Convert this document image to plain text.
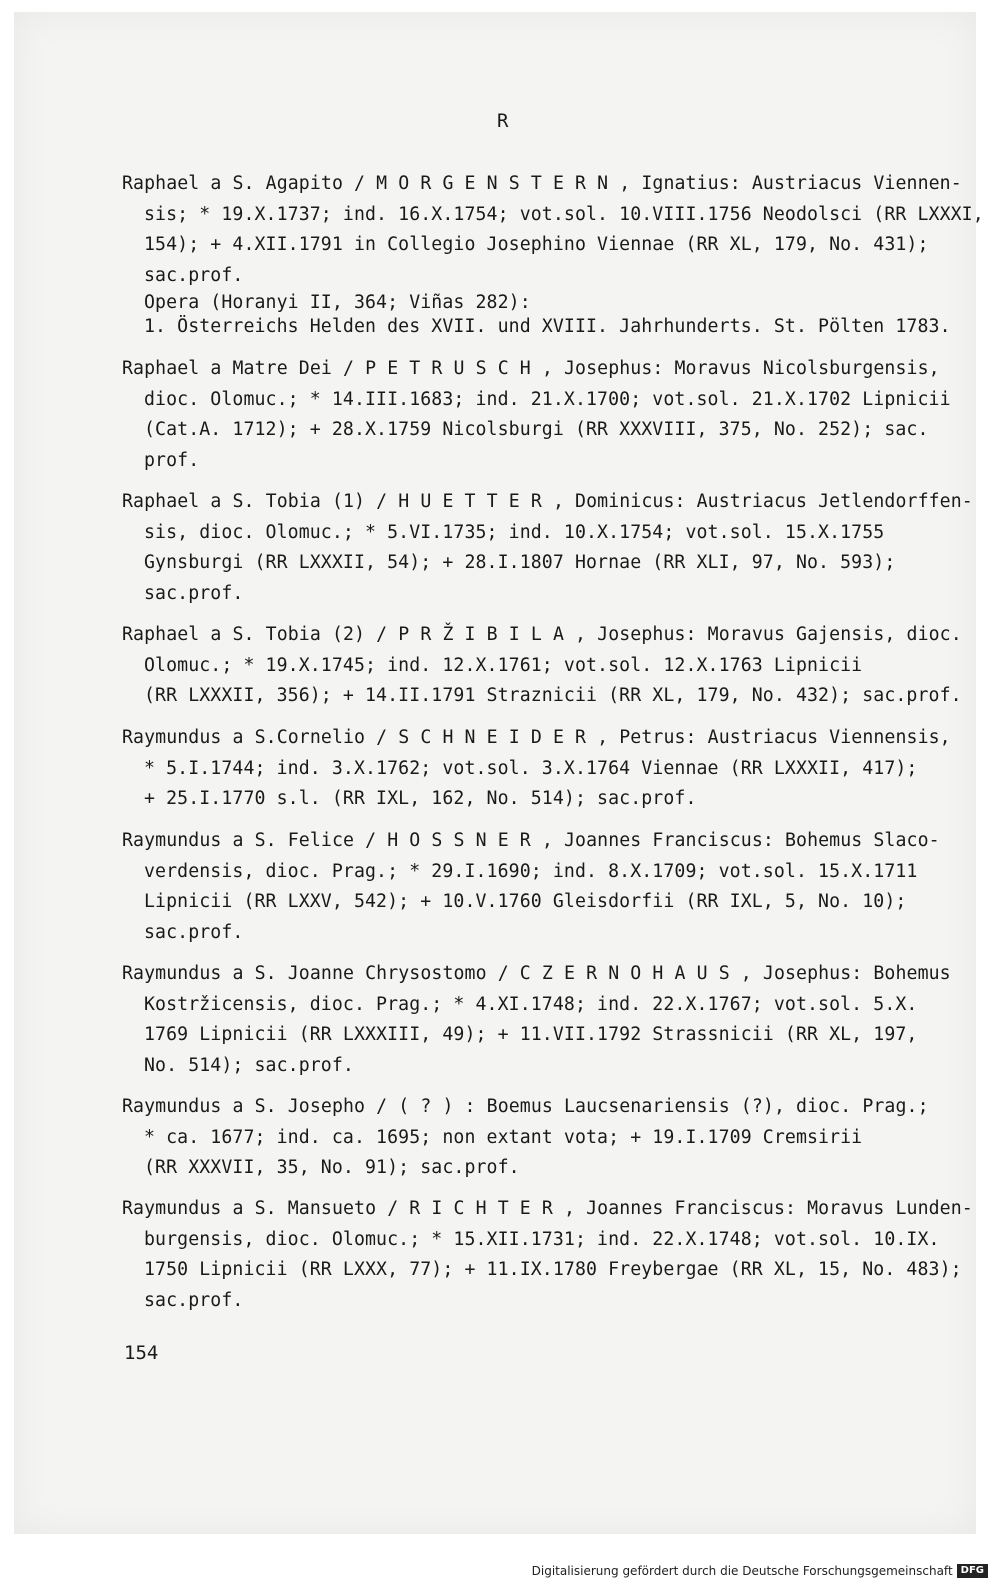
R
Raphael a S. Agapito / M O R G E N S T E R N , Ignatius: Austriacus Viennen-
sis; * 19.X.1737; ind. 16.X.1754; vot.sol. 10.VIII.1756 Neodolsci (RR LXXXI,
154); + 4.XII.1791 in Collegio Josephino Viennae (RR XL, 179, No. 431);
sac.prof.
Opera (Horanyi II, 364; Viñas 282):
1. Österreichs Helden des XVII. und XVIII. Jahrhunderts. St. Pölten 1783.
Raphael a Matre Dei / P E T R U S C H , Josephus: Moravus Nicolsburgensis,
dioc. Olomuc.; * 14.III.1683; ind. 21.X.1700; vot.sol. 21.X.1702 Lipnicii
(Cat.A. 1712); + 28.X.1759 Nicolsburgi (RR XXXVIII, 375, No. 252); sac.
prof.
Raphael a S. Tobia (1) / H U E T T E R , Dominicus: Austriacus Jetlendorffen-
sis, dioc. Olomuc.; * 5.VI.1735; ind. 10.X.1754; vot.sol. 15.X.1755
Gynsburgi (RR LXXXII, 54); + 28.I.1807 Hornae (RR XLI, 97, No. 593);
sac.prof.
Raphael a S. Tobia (2) / P R Ž I B I L A , Josephus: Moravus Gajensis, dioc.
Olomuc.; * 19.X.1745; ind. 12.X.1761; vot.sol. 12.X.1763 Lipnicii
(RR LXXXII, 356); + 14.II.1791 Straznicii (RR XL, 179, No. 432); sac.prof.
Raymundus a S.Cornelio / S C H N E I D E R , Petrus: Austriacus Viennensis,
* 5.I.1744; ind. 3.X.1762; vot.sol. 3.X.1764 Viennae (RR LXXXII, 417);
+ 25.I.1770 s.l. (RR IXL, 162, No. 514); sac.prof.
Raymundus a S. Felice / H O S S N E R , Joannes Franciscus: Bohemus Slaco-
verdensis, dioc. Prag.; * 29.I.1690; ind. 8.X.1709; vot.sol. 15.X.1711
Lipnicii (RR LXXV, 542); + 10.V.1760 Gleisdorfii (RR IXL, 5, No. 10);
sac.prof.
Raymundus a S. Joanne Chrysostomo / C Z E R N O H A U S , Josephus: Bohemus
Kostržicensis, dioc. Prag.; * 4.XI.1748; ind. 22.X.1767; vot.sol. 5.X.
1769 Lipnicii (RR LXXXIII, 49); + 11.VII.1792 Strassnicii (RR XL, 197,
No. 514); sac.prof.
Raymundus a S. Josepho / ( ? ) : Boemus Laucsenariensis (?), dioc. Prag.;
* ca. 1677; ind. ca. 1695; non extant vota; + 19.I.1709 Cremsirii
(RR XXXVII, 35, No. 91); sac.prof.
Raymundus a S. Mansueto / R I C H T E R , Joannes Franciscus: Moravus Lunden-
burgensis, dioc. Olomuc.; * 15.XII.1731; ind. 22.X.1748; vot.sol. 10.IX.
1750 Lipnicii (RR LXXX, 77); + 11.IX.1780 Freybergae (RR XL, 15, No. 483);
sac.prof.
154
Digitalisierung gefördert durch die Deutsche Forschungsgemeinschaft DFG
